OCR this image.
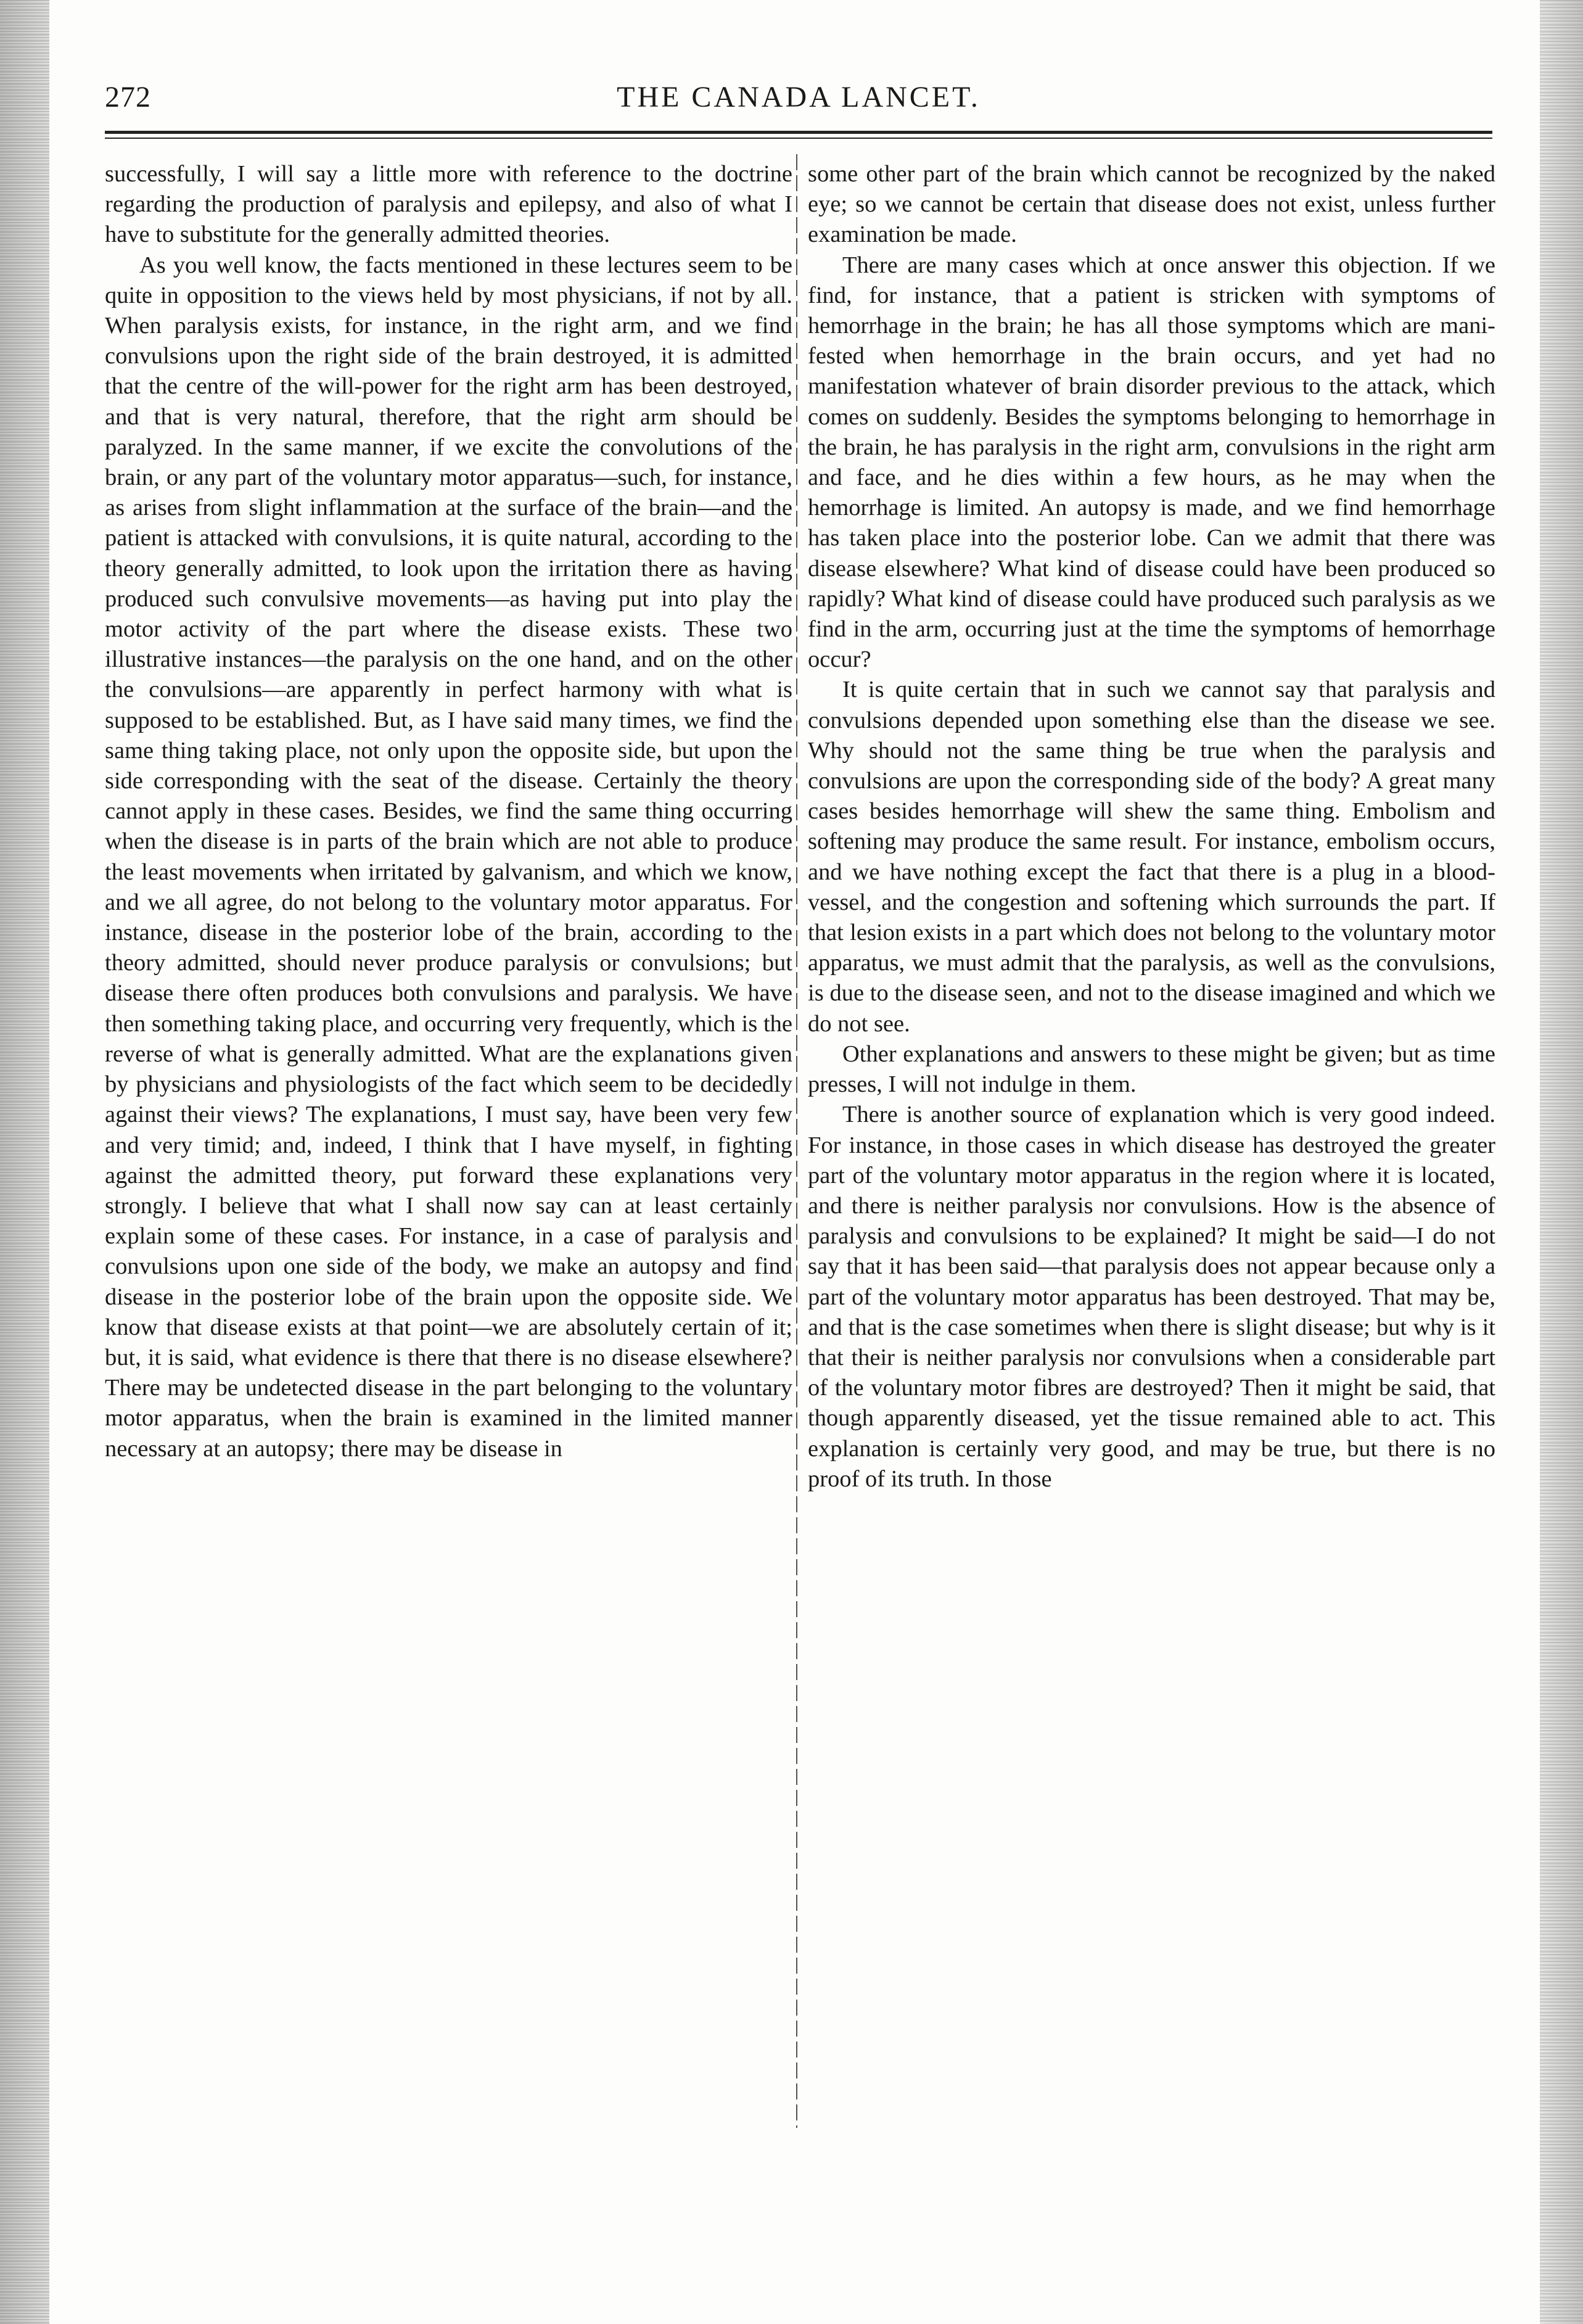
THE CANADA LANCET.
272

successfully, I will say a little more with reference to the doctrine regarding the production of paralysis and epilepsy, and also of what I have to substitute for the generally admitted theories.

As you well know, the facts mentioned in these lectures seem to be quite in opposition to the views held by most physicians, if not by all. When paralysis exists, for instance, in the right arm, and we find convulsions upon the right side of the brain destroyed, it is admitted that the centre of the will-power for the right arm has been destroyed, and that is very natural, therefore, that the right arm should be paralyzed. In the same manner, if we excite the convolutions of the brain, or any part of the voluntary motor apparatus—such, for instance, as arises from slight inflammation at the surface of the brain—and the patient is attacked with convulsions, it is quite natural, according to the theory generally admitted, to look upon the irritation there as having produced such convulsive movements—as having put into play the motor activity of the part where the disease exists. These two illustrative instances—the paralysis on the one hand, and on the other the convulsions—are apparently in perfect harmony with what is supposed to be established. But, as I have said many times, we find the same thing taking place, not only upon the opposite side, but upon the side corresponding with the seat of the disease. Certainly the theory cannot apply in these cases. Besides, we find the same thing occurring when the disease is in parts of the brain which are not able to produce the least movements when irritated by galvanism, and which we know, and we all agree, do not belong to the voluntary motor apparatus. For instance, disease in the posterior lobe of the brain, according to the theory admitted, should never produce paralysis or convulsions; but disease there often produces both convulsions and paralysis. We have then something taking place, and occurring very frequently, which is the reverse of what is generally admitted. What are the explanations given by physicians and physiologists of the fact which seem to be decidedly against their views? The explanations, I must say, have been very few and very timid; and, indeed, I think that I have myself, in fighting against the admitted theory, put forward these explanations very strongly. I believe that what I shall now say can at least certainly explain some of these cases. For instance, in a case of paralysis and convulsions upon one side of the body, we make an autopsy and find disease in the posterior lobe of the brain upon the opposite side. We know that disease exists at that point—we are absolutely certain of it; but, it is said, what evidence is there that there is no disease elsewhere? There may be undetected disease in the part belonging to the voluntary motor apparatus, when the brain is examined in the limited manner necessary at an autopsy; there may be disease in

some other part of the brain which cannot be recognized by the naked eye; so we cannot be certain that disease does not exist, unless further examination be made.

There are many cases which at once answer this objection. If we find, for instance, that a patient is stricken with symptoms of hemorrhage in the brain; he has all those symptoms which are manifested when hemorrhage in the brain occurs, and yet had no manifestation whatever of brain disorder previous to the attack, which comes on suddenly. Besides the symptoms belonging to hemorrhage in the brain, he has paralysis in the right arm, convulsions in the right arm and face, and he dies within a few hours, as he may when the hemorrhage is limited. An autopsy is made, and we find hemorrhage has taken place into the posterior lobe. Can we admit that there was disease elsewhere? What kind of disease could have been produced so rapidly? What kind of disease could have produced such paralysis as we find in the arm, occurring just at the time the symptoms of hemorrhage occur?

It is quite certain that in such we cannot say that paralysis and convulsions depended upon something else than the disease we see. Why should not the same thing be true when the paralysis and convulsions are upon the corresponding side of the body? A great many cases besides hemorrhage will shew the same thing. Embolism and softening may produce the same result. For instance, embolism occurs, and we have nothing except the fact that there is a plug in a blood-vessel, and the congestion and softening which surrounds the part. If that lesion exists in a part which does not belong to the voluntary motor apparatus, we must admit that the paralysis, as well as the convulsions, is due to the disease seen, and not to the disease imagined and which we do not see.

Other explanations and answers to these might be given; but as time presses, I will not indulge in them.

There is another source of explanation which is very good indeed. For instance, in those cases in which disease has destroyed the greater part of the voluntary motor apparatus in the region where it is located, and there is neither paralysis nor convulsions. How is the absence of paralysis and convulsions to be explained? It might be said—I do not say that it has been said—that paralysis does not appear because only a part of the voluntary motor apparatus has been destroyed. That may be, and that is the case sometimes when there is slight disease; but why is it that their is neither paralysis nor convulsions when a considerable part of the voluntary motor fibres are destroyed? Then it might be said, that though apparently diseased, yet the tissue remained able to act. This explanation is certainly very good, and may be true, but there is no proof of its truth. In those
